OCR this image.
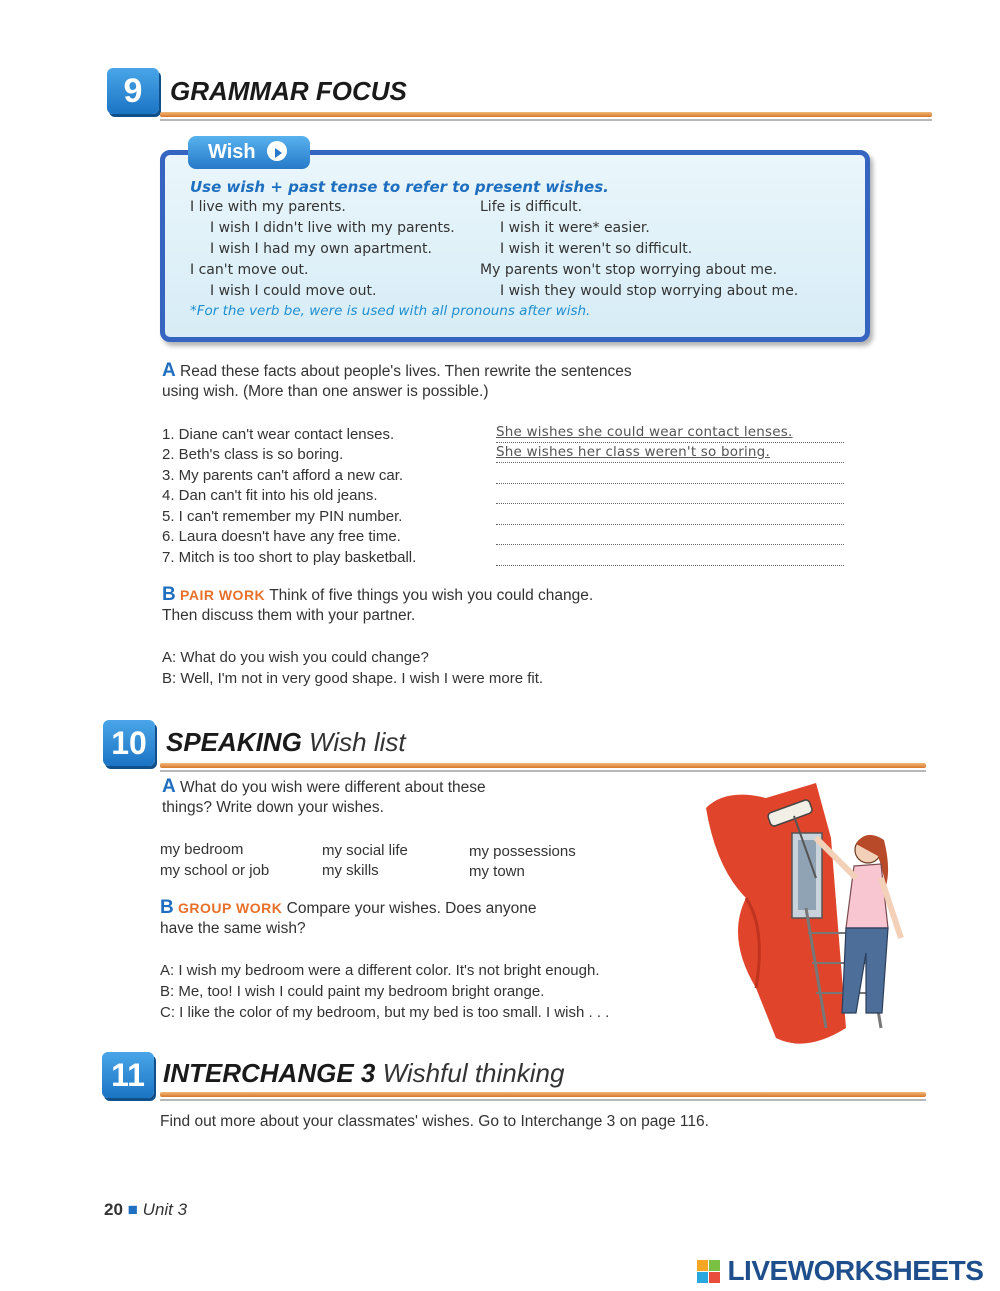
9	GRAMMAR FOCUS
Wish
Use wish + past tense to refer to present wishes.
I live with my parents.
I wish I didn't live with my parents.
I wish I had my own apartment.
I can't move out.
I wish I could move out.
Life is difficult.
I wish it were* easier.
I wish it weren't so difficult.
My parents won't stop worrying about me.
I wish they would stop worrying about me.
*For the verb be, were is used with all pronouns after wish.
A Read these facts about people's lives. Then rewrite the sentences
using wish. (More than one answer is possible.)
1. Diane can't wear contact lenses.
2. Beth's class is so boring.
3. My parents can't afford a new car.
4. Dan can't fit into his old jeans.
5. I can't remember my PIN number.
6. Laura doesn't have any free time.
7. Mitch is too short to play basketball.
She wishes she could wear contact lenses.
She wishes her class weren't so boring.
B PAIR WORK Think of five things you wish you could change.
Then discuss them with your partner.
A: What do you wish you could change?
B: Well, I'm not in very good shape. I wish I were more fit.
10 SPEAKING Wish list
A What do you wish were different about these
things? Write down your wishes.
my bedroom
my school or job
my social life
my skills
my possessions
my town
B GROUP WORK Compare your wishes. Does anyone
have the same wish?
A: I wish my bedroom were a different color. It's not bright enough.
B: Me, too! I wish I could paint my bedroom bright orange.
C: I like the color of my bedroom, but my bed is too small. I wish . . .
11 INTERCHANGE 3 Wishful thinking
Find out more about your classmates' wishes. Go to Interchange 3 on page 116.
20 ■ Unit 3
LIVEWORKSHEETS
